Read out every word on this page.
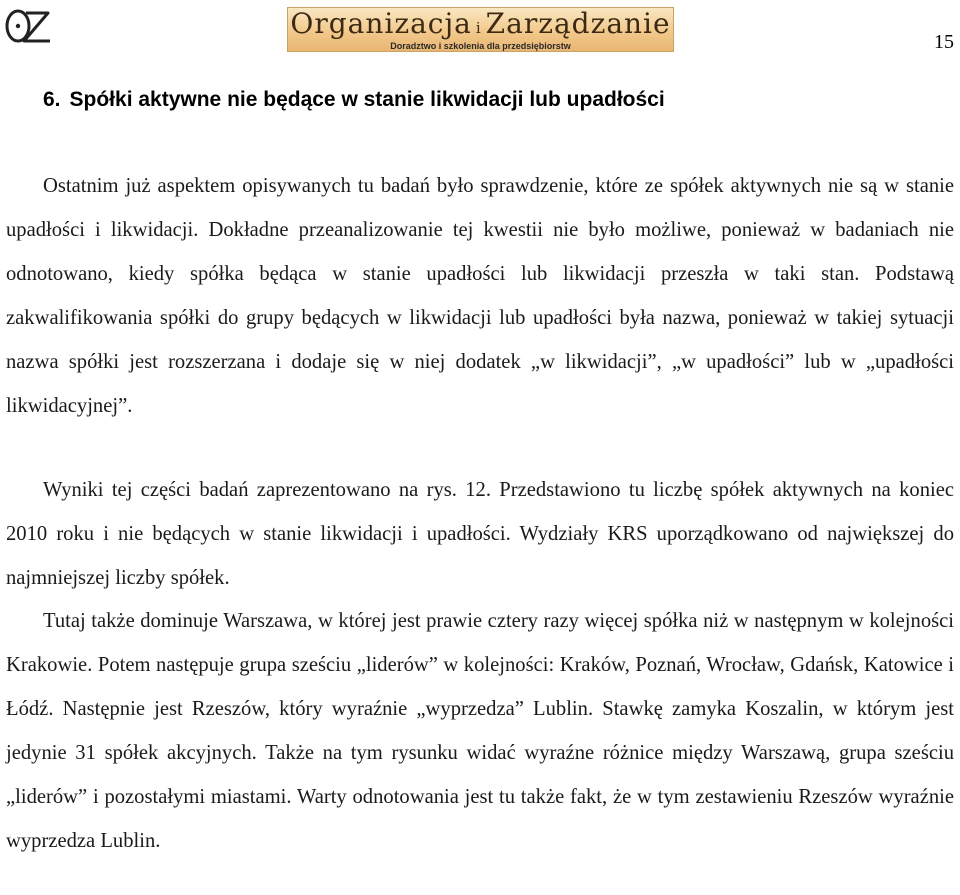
Organizacja i Zarządzanie
Doradztwo i szkolenia dla przedsiębiorstw	15
6. Spółki aktywne nie będące w stanie likwidacji lub upadłości

Ostatnim już aspektem opisywanych tu badań było sprawdzenie, które ze spółek aktywnych nie są w stanie upadłości i likwidacji. Dokładne przeanalizowanie tej kwestii nie było możliwe, ponieważ w badaniach nie odnotowano, kiedy spółka będąca w stanie upadłości lub likwidacji przeszła w taki stan. Podstawą zakwalifikowania spółki do grupy będących w likwidacji lub upadłości była nazwa, ponieważ w takiej sytuacji nazwa spółki jest rozszerzana i dodaje się w niej dodatek „w likwidacji”, „w upadłości” lub w „upadłości likwidacyjnej”.

Wyniki tej części badań zaprezentowano na rys. 12. Przedstawiono tu liczbę spółek aktywnych na koniec 2010 roku i nie będących w stanie likwidacji i upadłości. Wydziały KRS uporządkowano od największej do najmniejszej liczby spółek.

Tutaj także dominuje Warszawa, w której jest prawie cztery razy więcej spółka niż w następnym w kolejności Krakowie. Potem następuje grupa sześciu „liderów” w kolejności: Kraków, Poznań, Wrocław, Gdańsk, Katowice i Łódź. Następnie jest Rzeszów, który wyraźnie „wyprzedza” Lublin. Stawkę zamyka Koszalin, w którym jest jedynie 31 spółek akcyjnych. Także na tym rysunku widać wyraźne różnice między Warszawą, grupa sześciu „liderów” i pozostałymi miastami. Warty odnotowania jest tu także fakt, że w tym zestawieniu Rzeszów wyraźnie wyprzedza Lublin.
